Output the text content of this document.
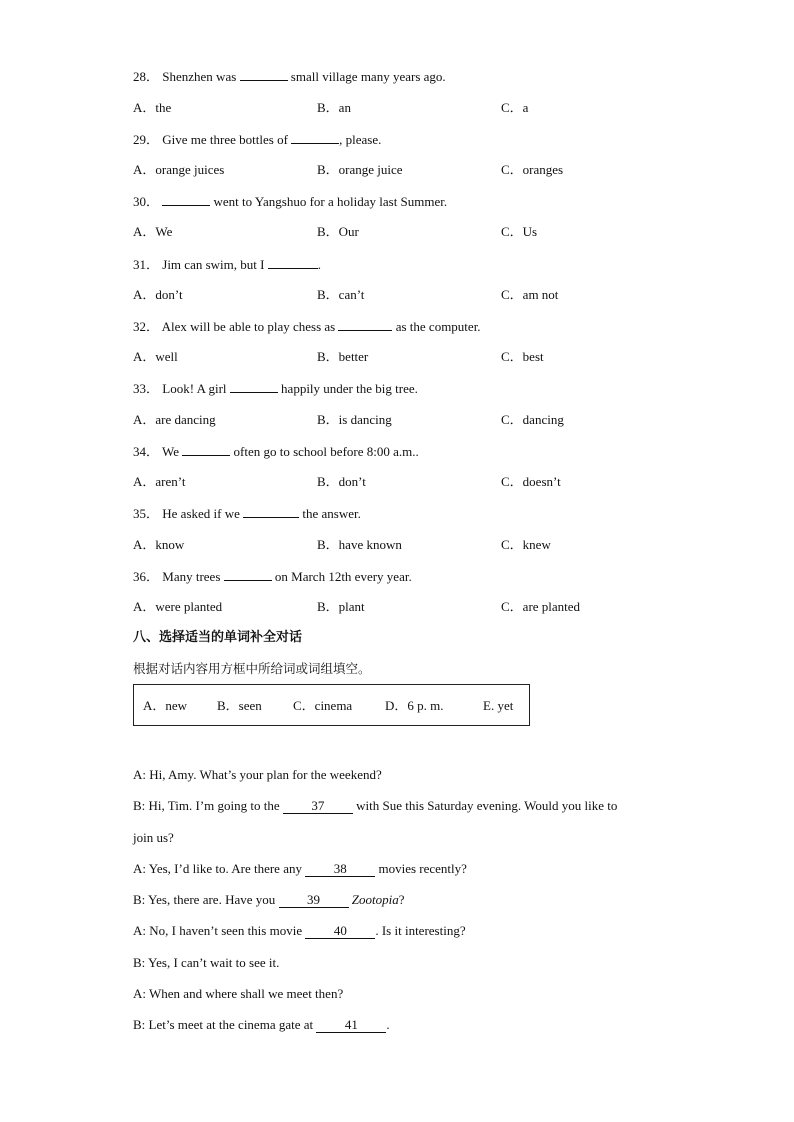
28． Shenzhen was	small village many years ago.
A．the	B．an	C．a
29． Give me three bottles of	, please.
A．orange juices	B．orange juice	C．oranges
30．	went to Yangshuo for a holiday last Summer.
A．We	B．Our	C．Us
31． Jim can swim, but I	.
A．don’t	B．can’t	C．am not
32． Alex will be able to play chess as	as the computer.
A．well	B．better	C．best
33． Look! A girl	happily under the big tree.
A．are dancing	B．is dancing	C．dancing
34． We	often go to school before 8:00 a.m..
A．aren’t	B．don’t	C．doesn’t
35． He asked if we	the answer.
A．know	B．have known	C．knew
36． Many trees	on March 12th every year.
A．were planted	B．plant	C．are planted
八、选择适当的单词补全对话
根据对话内容用方框中所给词或词组填空。
A．new B．seen C．cinema	D．6 p. m.	E. yet
A: Hi, Amy. What’s your plan for the weekend?
B: Hi, Tim. I’m going to the 37 with Sue this Saturday evening. Would you like to
join us?
A: Yes, I’d like to. Are there any 38 movies recently?
B: Yes, there are. Have you 39 Zootopia?
A: No, I haven’t seen this movie 40 . Is it interesting?
B: Yes, I can’t wait to see it.
A: When and where shall we meet then?
B: Let’s meet at the cinema gate at 41 .
